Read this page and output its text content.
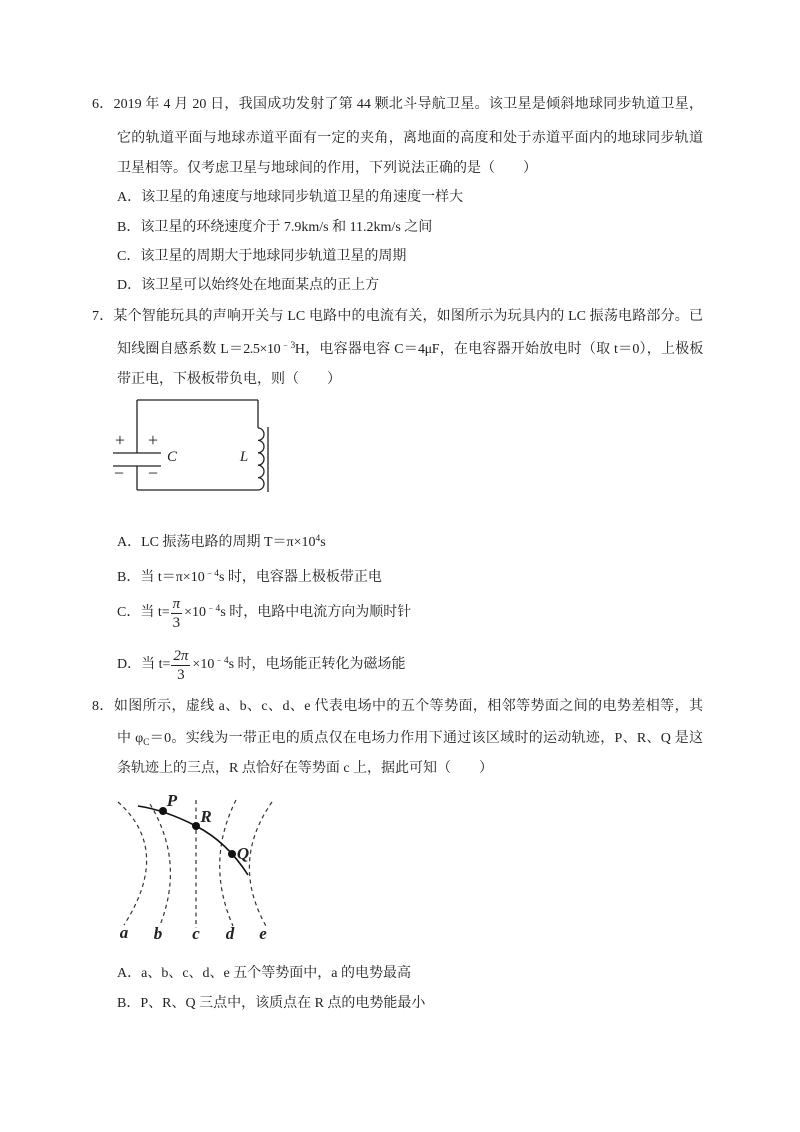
6．2019 年 4 月 20 日，我国成功发射了第 44 颗北斗导航卫星。该卫星是倾斜地球同步轨道卫星，
它的轨道平面与地球赤道平面有一定的夹角，离地面的高度和处于赤道平面内的地球同步轨道
卫星相等。仅考虑卫星与地球间的作用，下列说法正确的是（　　）
A．该卫星的角速度与地球同步轨道卫星的角速度一样大
B．该卫星的环绕速度介于 7.9km/s 和 11.2km/s 之间
C．该卫星的周期大于地球同步轨道卫星的周期
D．该卫星可以始终处在地面某点的正上方
7．某个智能玩具的声响开关与 LC 电路中的电流有关，如图所示为玩具内的 LC 振荡电路部分。已
知线圈自感系数 $L=2.5\times 10^{﹣3}H$，电容器电容 C＝4μF，在电容器开始放电时（取 t＝0），上极板
带正电，下极板带负电，则（　　）
+ +
C	L
− −
A．LC 振荡电路的周期 $T=\pi\times 10^4s$
B．当 $t=\pi\times 10^{﹣4}s$ 时，电容器上极板带正电
C．当 $t= \frac{\pi}{3} \times 10^{﹣4}s$ 时，电路中电流方向为顺时针
D．当 $t= \frac{2\pi}{3} \times 10^{﹣4}s$ 时，电场能正转化为磁场能
8．如图所示，虚线 a、b、c、d、e 代表电场中的五个等势面，相邻等势面之间的电势差相等，其
中 $\varphi_C=0$。实线为一带正电的质点仅在电场力作用下通过该区域时的运动轨迹，P、R、Q 是这
条轨迹上的三点，R 点恰好在等势面 c 上，据此可知（　　）
P
R
Q
a b c d e
A．a、b、c、d、e 五个等势面中，a 的电势最高
B．P、R、Q 三点中，该质点在 R 点的电势能最小
